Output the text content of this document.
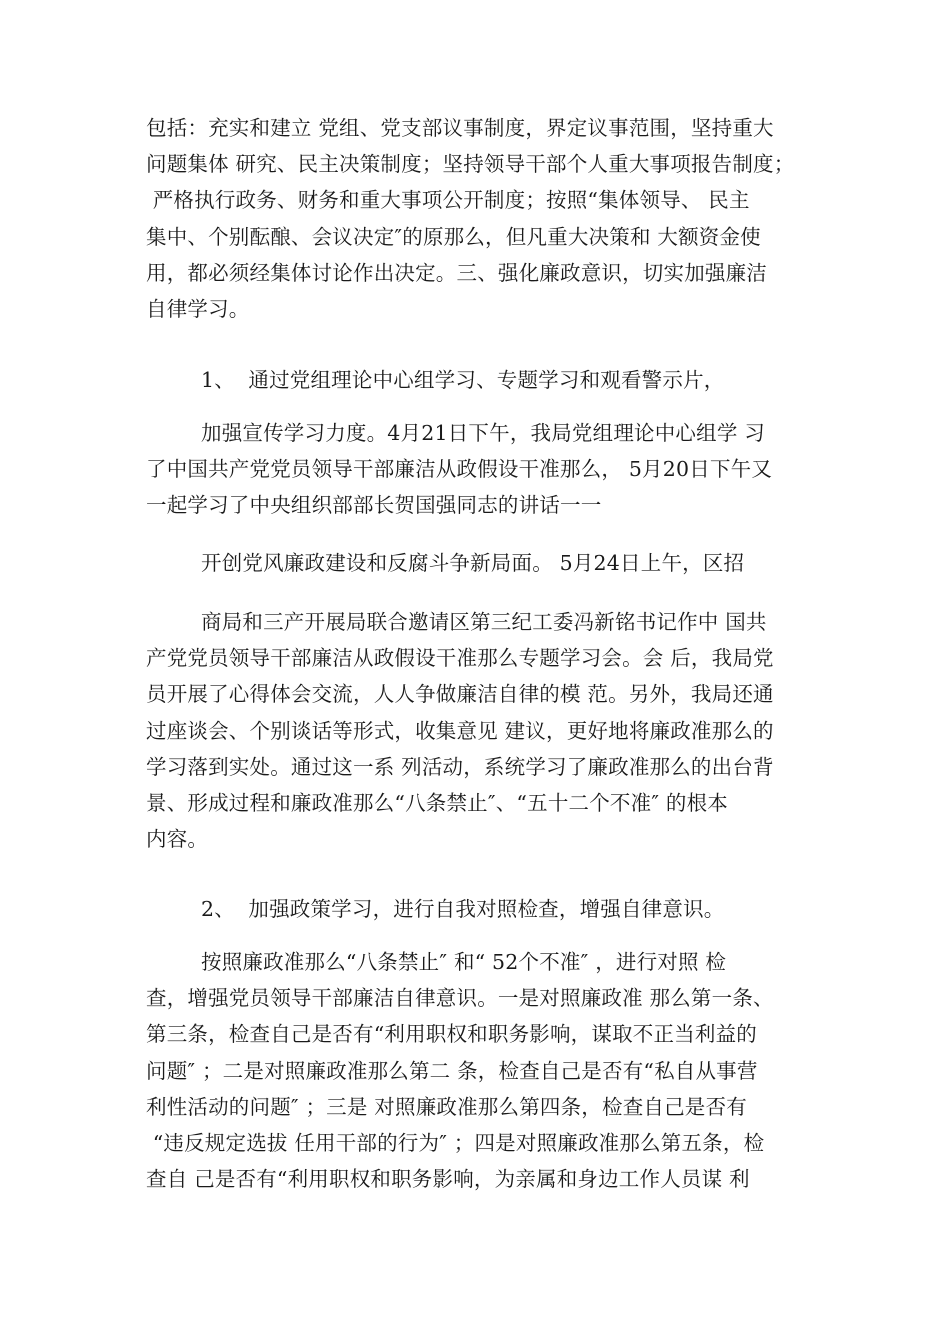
包括：充实和建立 党组、党支部议事制度，界定议事范围，坚持重大
问题集体 研究、民主决策制度；坚持领导干部个人重大事项报告制度；
严格执行政务、财务和重大事项公开制度；按照“集体领导、 民主
集中、个别酝酿、会议决定″的原那么，但凡重大决策和 大额资金使
用，都必须经集体讨论作出决定。三、强化廉政意识，切实加强廉洁
自律学习。
1、  通过党组理论中心组学习、专题学习和观看警示片，
加强宣传学习力度。4月21日下午，我局党组理论中心组学 习
了中国共产党党员领导干部廉洁从政假设干准那么， 5月20日下午又
一起学习了中央组织部部长贺国强同志的讲话一一
开创党风廉政建设和反腐斗争新局面。 5月24日上午，区招
商局和三产开展局联合邀请区第三纪工委冯新铭书记作中 国共
产党党员领导干部廉洁从政假设干准那么专题学习会。会 后，我局党
员开展了心得体会交流，人人争做廉洁自律的模 范。另外，我局还通
过座谈会、个别谈话等形式，收集意见 建议，更好地将廉政准那么的
学习落到实处。通过这一系 列活动，系统学习了廉政准那么的出台背
景、形成过程和廉政准那么“八条禁止″、“五十二个不准″ 的根本
内容。
2、  加强政策学习，进行自我对照检查，增强自律意识。
按照廉政准那么“八条禁止″ 和“ 52个不准″ ，进行对照 检
查，增强党员领导干部廉洁自律意识。一是对照廉政准 那么第一条、
第三条，检查自己是否有“利用职权和职务影响，谋取不正当利益的
问题″ ；二是对照廉政准那么第二 条，检查自己是否有“私自从事营
利性活动的问题″ ；三是 对照廉政准那么第四条，检查自己是否有
“违反规定选拔 任用干部的行为″ ；四是对照廉政准那么第五条，检
查自 己是否有“利用职权和职务影响，为亲属和身边工作人员谋 利
